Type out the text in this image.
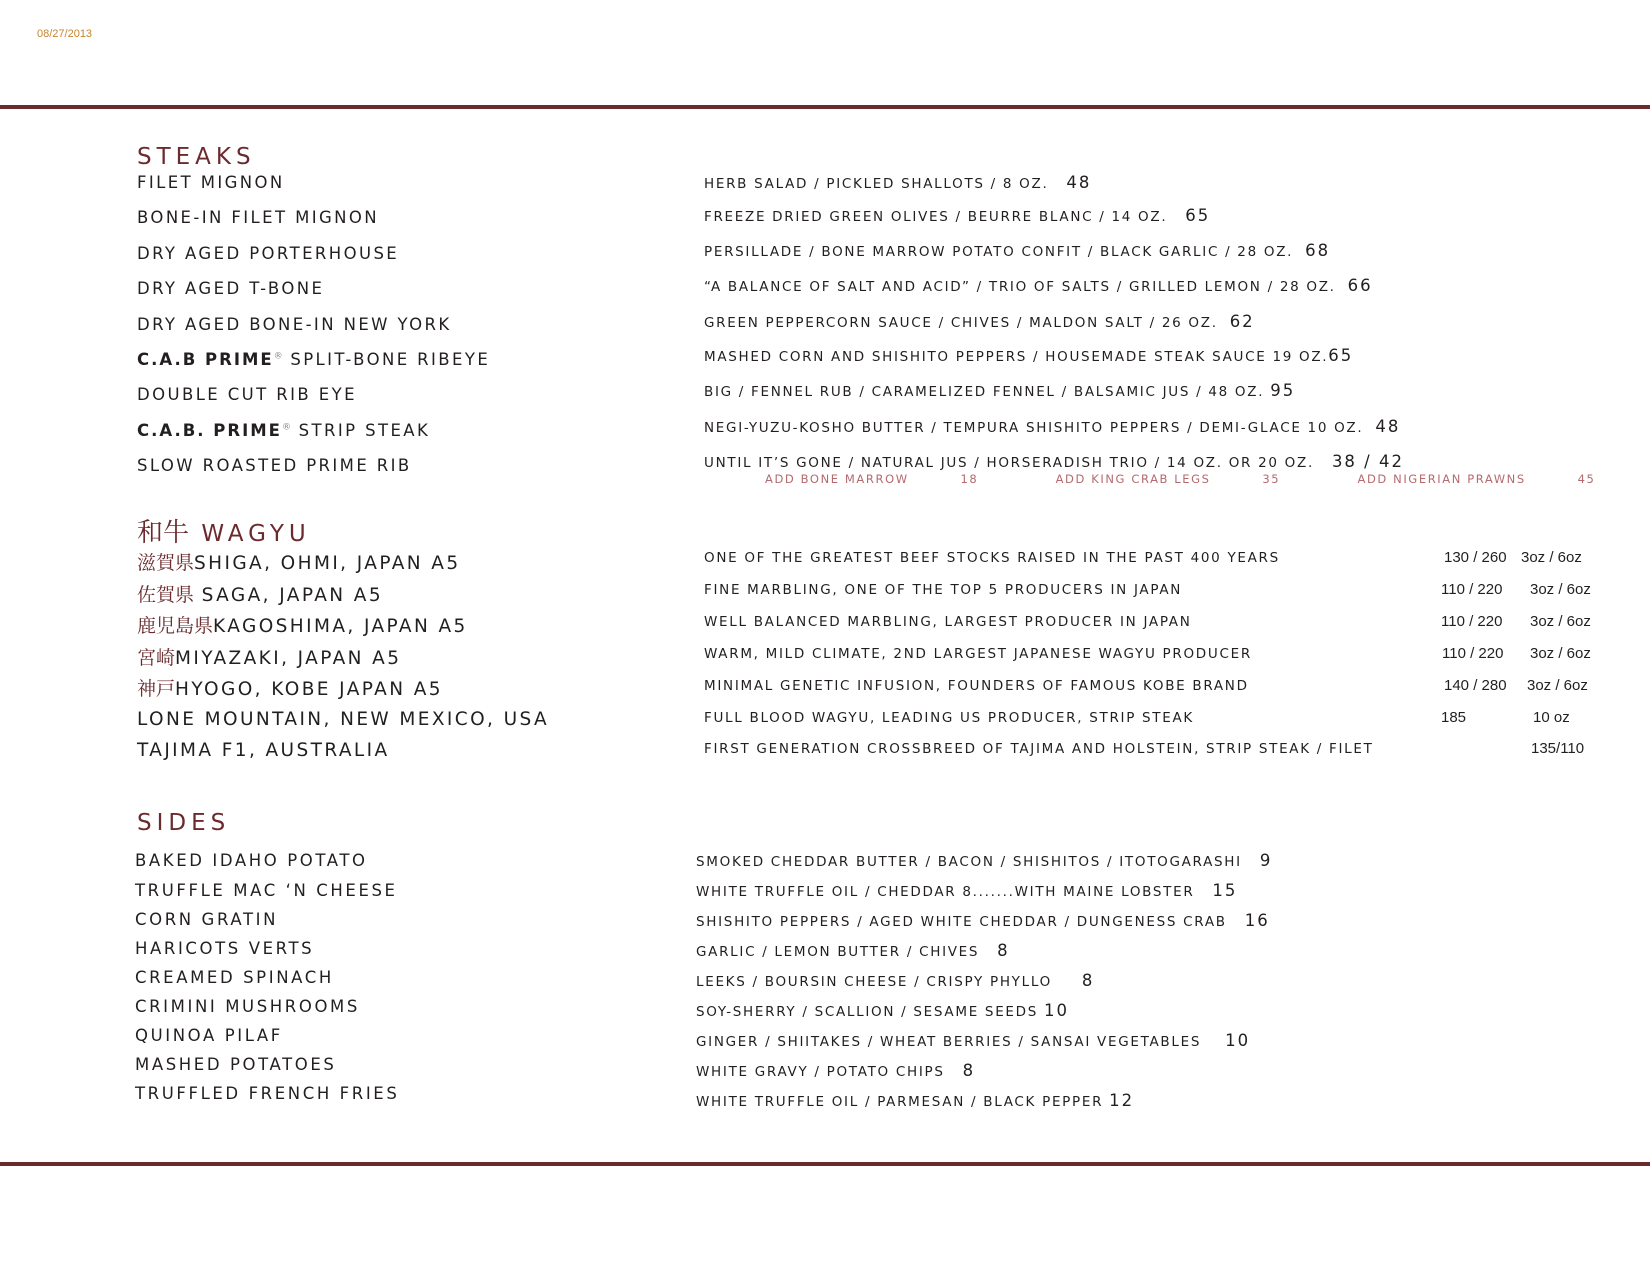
08/27/2013
STEAKS
FILET MIGNON	HERB SALAD / PICKLED SHALLOTS / 8 OZ. 48
BONE-IN FILET MIGNON	FREEZE DRIED GREEN OLIVES / BEURRE BLANC / 14 OZ. 65
DRY AGED PORTERHOUSE	PERSILLADE / BONE MARROW POTATO CONFIT / BLACK GARLIC / 28 OZ. 68
DRY AGED T-BONE	“A BALANCE OF SALT AND ACID” / TRIO OF SALTS / GRILLED LEMON / 28 OZ. 66
DRY AGED BONE-IN NEW YORK	GREEN PEPPERCORN SAUCE / CHIVES / MALDON SALT / 26 OZ. 62
C.A.B PRIME® SPLIT-BONE RIBEYE	MASHED CORN AND SHISHITO PEPPERS / HOUSEMADE STEAK SAUCE 19 OZ.65
DOUBLE CUT RIB EYE	BIG / FENNEL RUB / CARAMELIZED FENNEL / BALSAMIC JUS / 48 OZ. 95
C.A.B. PRIME® STRIP STEAK	NEGI-YUZU-KOSHO BUTTER / TEMPURA SHISHITO PEPPERS / DEMI-GLACE 10 OZ. 48
SLOW ROASTED PRIME RIB	UNTIL IT’S GONE / NATURAL JUS / HORSERADISH TRIO / 14 OZ. OR 20 OZ. 38 / 42
ADD BONE MARROW	18	ADD KING CRAB LEGS	35	ADD NIGERIAN PRAWNS	45
和牛 WAGYU
滋賀県SHIGA, OHMI, JAPAN A5	ONE OF THE GREATEST BEEF STOCKS RAISED IN THE PAST 400 YEARS	130 / 260 3oz / 6oz
佐賀県 SAGA, JAPAN A5	FINE MARBLING, ONE OF THE TOP 5 PRODUCERS IN JAPAN	110 / 220 3oz / 6oz
鹿児島県KAGOSHIMA, JAPAN A5	WELL BALANCED MARBLING, LARGEST PRODUCER IN JAPAN	110 / 220 3oz / 6oz
宮崎MIYAZAKI, JAPAN A5	WARM, MILD CLIMATE, 2ND LARGEST JAPANESE WAGYU PRODUCER	110 / 220 3oz / 6oz
神戸HYOGO, KOBE JAPAN A5	MINIMAL GENETIC INFUSION, FOUNDERS OF FAMOUS KOBE BRAND	140 / 280 3oz / 6oz
LONE MOUNTAIN, NEW MEXICO, USA	FULL BLOOD WAGYU, LEADING US PRODUCER, STRIP STEAK	185	10 oz
TAJIMA F1, AUSTRALIA	FIRST GENERATION CROSSBREED OF TAJIMA AND HOLSTEIN, STRIP STEAK / FILET	135/110
SIDES
BAKED IDAHO POTATO	SMOKED CHEDDAR BUTTER / BACON / SHISHITOS / ITOTOGARASHI 9
TRUFFLE MAC ‘N CHEESE	WHITE TRUFFLE OIL / CHEDDAR 8.......WITH MAINE LOBSTER 15
CORN GRATIN	SHISHITO PEPPERS / AGED WHITE CHEDDAR / DUNGENESS CRAB 16
HARICOTS VERTS	GARLIC / LEMON BUTTER / CHIVES 8
CREAMED SPINACH	LEEKS / BOURSIN CHEESE / CRISPY PHYLLO 8
CRIMINI MUSHROOMS	SOY-SHERRY / SCALLION / SESAME SEEDS 10
QUINOA PILAF	GINGER / SHIITAKES / WHEAT BERRIES / SANSAI VEGETABLES 10
MASHED POTATOES	WHITE GRAVY / POTATO CHIPS 8
TRUFFLED FRENCH FRIES	WHITE TRUFFLE OIL / PARMESAN / BLACK PEPPER 12
